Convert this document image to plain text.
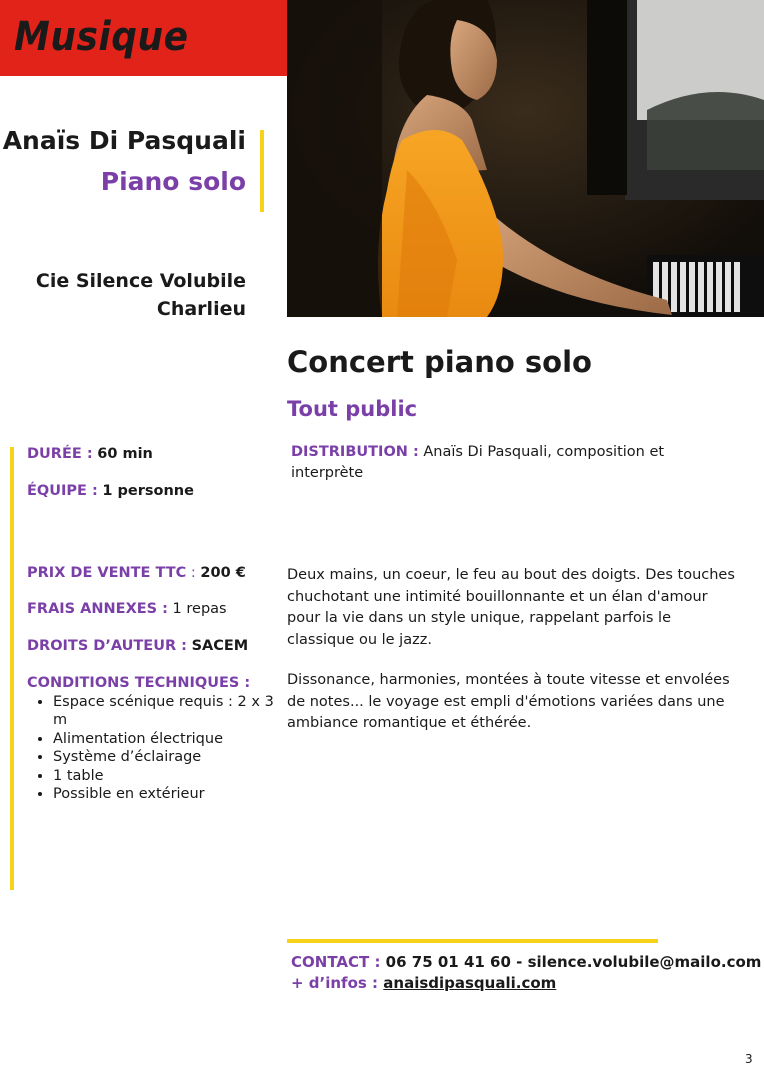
Musique
Anaïs Di Pasquali
Piano solo
Cie Silence Volubile
Charlieu
Concert piano solo
Tout public
DURÉE : 60 min
ÉQUIPE : 1 personne
PRIX DE VENTE TTC : 200 €
FRAIS ANNEXES : 1 repas
DROITS D’AUTEUR : SACEM
CONDITIONS TECHNIQUES :
• Espace scénique requis : 2 x 3 m
• Alimentation électrique
• Système d’éclairage
• 1 table
• Possible en extérieur
DISTRIBUTION : Anaïs Di Pasquali, composition et interprète
Deux mains, un coeur, le feu au bout des doigts. Des touches chuchotant une intimité bouillonnante et un élan d'amour pour la vie dans un style unique, rappelant parfois le classique ou le jazz.
Dissonance, harmonies, montées à toute vitesse et envolées de notes... le voyage est empli d'émotions variées dans une ambiance romantique et éthérée.
CONTACT : 06 75 01 41 60 - silence.volubile@mailo.com
+ d’infos : anaisdipasquali.com
3
